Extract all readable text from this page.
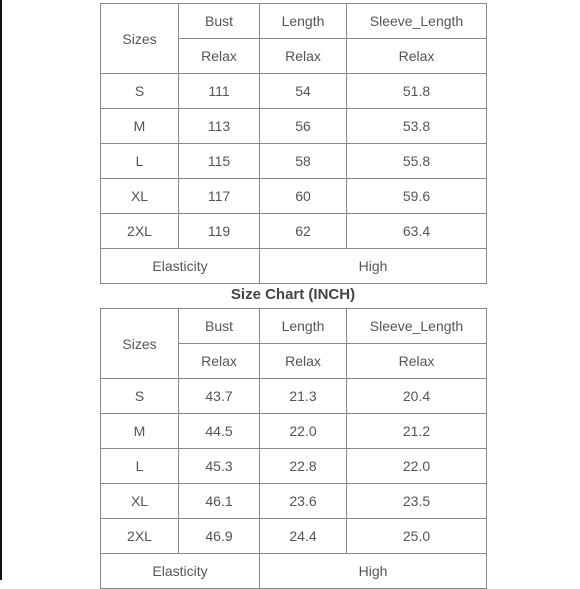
Sizes	Bust	Length	Sleeve_Length
	Relax	Relax	Relax
S	111	54	51.8
M	113	56	53.8
L	115	58	55.8
XL	117	60	59.6
2XL	119	62	63.4
Elasticity		High	
Size Chart (INCH)
Sizes	Bust	Length	Sleeve_Length
	Relax	Relax	Relax
S	43.7	21.3	20.4
M	44.5	22.0	21.2
L	45.3	22.8	22.0
XL	46.1	23.6	23.5
2XL	46.9	24.4	25.0
Elasticity		High	
